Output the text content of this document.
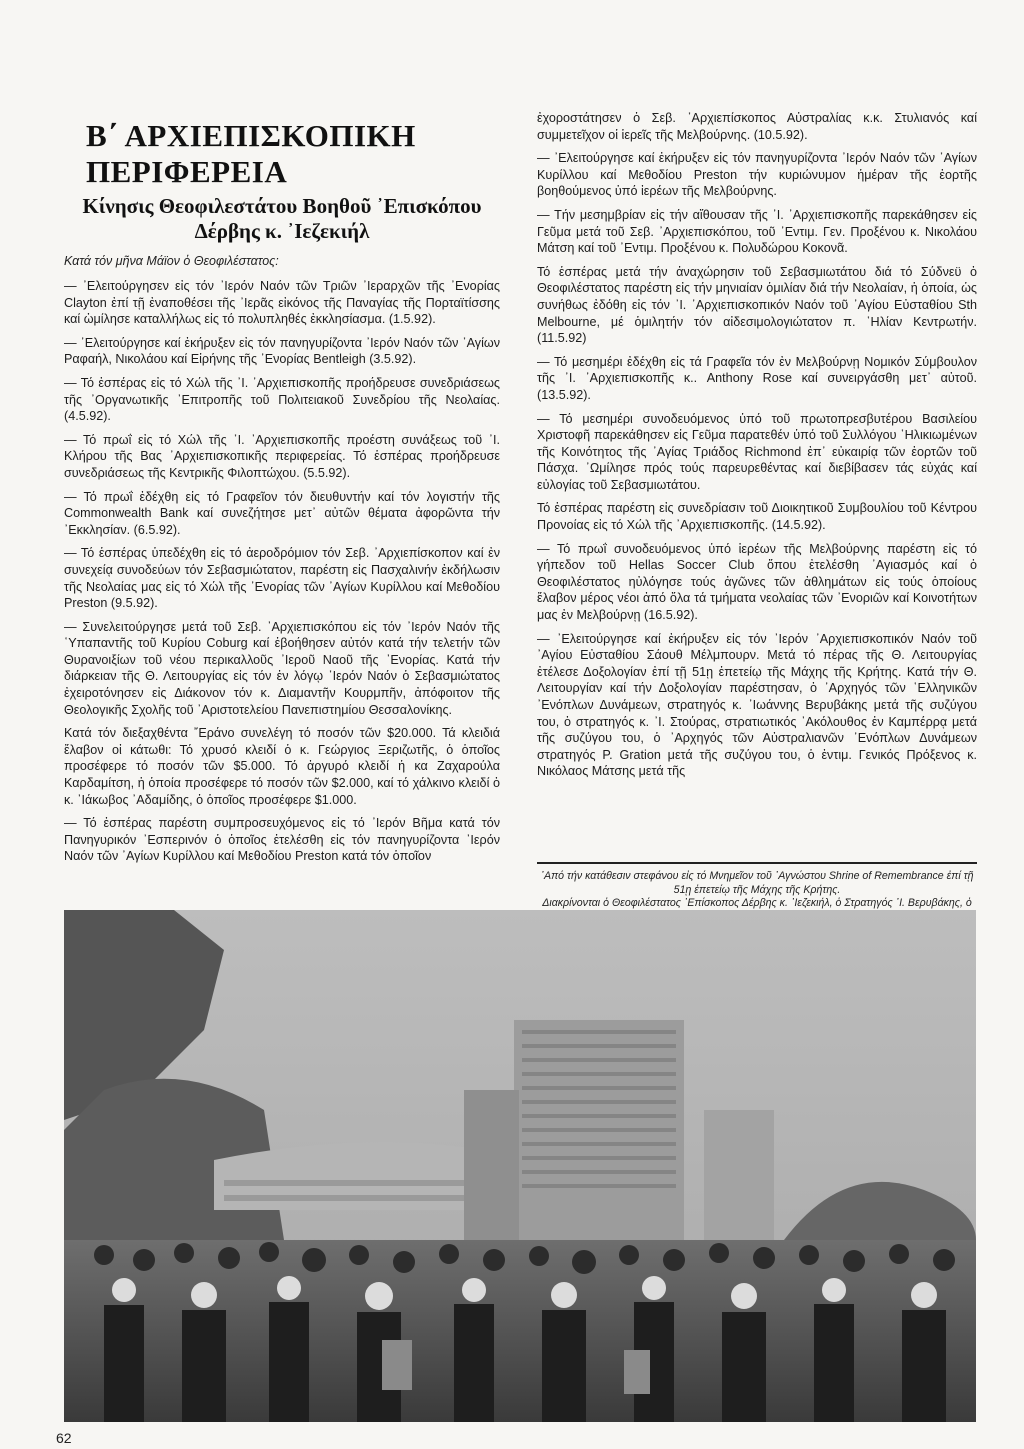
Β΄ ΑΡΧΙΕΠΙΣΚΟΠΙΚΗ ΠΕΡΙΦΕΡΕΙΑ
Κίνησις Θεοφιλεστάτου Βοηθοῦ ᾿Επισκόπου
Δέρβης κ. ᾿Ιεζεκιήλ
Κατά τόν μῆνα Μάϊον ὁ Θεοφιλέστατος:

— ᾿Ελειτούργησεν εἰς τόν ᾿Ιερόν Ναόν τῶν Τριῶν ᾿Ιεραρχῶν τῆς ᾿Ενορίας Clayton ἐπί τῇ ἐναποθέσει τῆς ᾿Ιερᾶς εἰκόνος τῆς Παναγίας τῆς Πορταϊτίσσης καί ὡμίλησε καταλλήλως εἰς τό πολυπληθές ἐκκλησίασμα. (1.5.92).

— ᾿Ελειτούργησε καί ἐκήρυξεν εἰς τόν πανηγυρίζοντα ᾿Ιερόν Ναόν τῶν ᾿Αγίων Ραφαήλ, Νικολάου καί Εἰρήνης τῆς ᾿Ενορίας Bentleigh (3.5.92).

— Τό ἑσπέρας εἰς τό Χώλ τῆς ᾿Ι. ᾿Αρχιεπισκοπῆς προήδρευσε συνεδριάσεως τῆς ᾿Οργανωτικῆς ᾿Επιτροπῆς τοῦ Πολιτειακοῦ Συνεδρίου τῆς Νεολαίας. (4.5.92).

— Τό πρωΐ εἰς τό Χώλ τῆς ᾿Ι. ᾿Αρχιεπισκοπῆς προέστη συνάξεως τοῦ ᾿Ι. Κλήρου τῆς Βας ᾿Αρχιεπισκοπικῆς περιφερείας. Τό ἑσπέρας προήδρευσε συνεδριάσεως τῆς Κεντρικῆς Φιλοπτώχου. (5.5.92).

— Τό πρωΐ ἐδέχθη εἰς τό Γραφεῖον τόν διευθυντήν καί τόν λογιστήν τῆς Commonwealth Bank καί συνεζήτησε μετ᾿ αὐτῶν θέματα ἀφορῶντα τήν ᾿Εκκλησίαν. (6.5.92).

— Τό ἑσπέρας ὑπεδέχθη εἰς τό ἀεροδρόμιον τόν Σεβ. ᾿Αρχιεπίσκοπον καί ἐν συνεχείᾳ συνοδεύων τόν Σεβασμιώτατον, παρέστη εἰς Πασχαλινήν ἐκδήλωσιν τῆς Νεολαίας μας εἰς τό Χώλ τῆς ᾿Ενορίας τῶν ᾿Αγίων Κυρίλλου καί Μεθοδίου Preston (9.5.92).

— Συνελειτούργησε μετά τοῦ Σεβ. ᾿Αρχιεπισκόπου εἰς τόν ᾿Ιερόν Ναόν τῆς ῾Υπαπαντῆς τοῦ Κυρίου Coburg καί ἐβοήθησεν αὐτόν κατά τήν τελετήν τῶν Θυρανοιξίων τοῦ νέου περικαλλοῦς ᾿Ιεροῦ Ναοῦ τῆς ᾿Ενορίας. Κατά τήν διάρκειαν τῆς Θ. Λειτουργίας εἰς τόν ἐν λόγῳ ᾿Ιερόν Ναόν ὁ Σεβασμιώτατος ἐχειροτόνησεν εἰς Διάκονον τόν κ. Διαμαντῆν Κουρμπῆν, ἀπόφοιτον τῆς Θεολογικῆς Σχολῆς τοῦ ᾿Αριστοτελείου Πανεπιστημίου Θεσσαλονίκης.

Κατά τόν διεξαχθέντα ῎Εράνο συνελέγη τό ποσόν τῶν $20.000. Τά κλειδιά ἔλαβον οἱ κάτωθι: Τό χρυσό κλειδί ὁ κ. Γεώργιος Ξεριζωτῆς, ὁ ὁποῖος προσέφερε τό ποσόν τῶν $5.000. Τό ἀργυρό κλειδί ἡ κα Ζαχαρούλα Καρδαμίτση, ἡ ὁποία προσέφερε τό ποσόν τῶν $2.000, καί τό χάλκινο κλειδί ὁ κ. ᾿Ιάκωβος ᾿Αδαμίδης, ὁ ὁποῖος προσέφερε $1.000.

— Τό ἑσπέρας παρέστη συμπροσευχόμενος εἰς τό ᾿Ιερόν Βῆμα κατά τόν Πανηγυρικόν ᾿Εσπερινόν ὁ ὁποῖος ἐτελέσθη εἰς τόν πανηγυρίζοντα ᾿Ιερόν Ναόν τῶν ᾿Αγίων Κυρίλλου καί Μεθοδίου Preston κατά τόν ὁποῖον

ἐχοροστάτησεν ὁ Σεβ. ᾿Αρχιεπίσκοπος Αὐστραλίας κ.κ. Στυλιανός καί συμμετεῖχον οἱ ἱερεῖς τῆς Μελβούρνης. (10.5.92).

— ᾿Ελειτούργησε καί ἐκήρυξεν εἰς τόν πανηγυρίζοντα ᾿Ιερόν Ναόν τῶν ᾿Αγίων Κυρίλλου καί Μεθοδίου Preston τήν κυριώνυμον ἡμέραν τῆς ἑορτῆς βοηθούμενος ὑπό ἱερέων τῆς Μελβούρνης.

— Τήν μεσημβρίαν εἰς τήν αἴθουσαν τῆς ᾿Ι. ᾿Αρχιεπισκοπῆς παρεκάθησεν εἰς Γεῦμα μετά τοῦ Σεβ. ᾿Αρχιεπισκόπου, τοῦ ᾿Εντιμ. Γεν. Προξένου κ. Νικολάου Μάτση καί τοῦ ᾿Εντιμ. Προξένου κ. Πολυδώρου Κοκονᾶ.

Τό ἑσπέρας μετά τήν ἀναχώρησιν τοῦ Σεβασμιωτάτου διά τό Σύδνεϋ ὁ Θεοφιλέστατος παρέστη εἰς τήν μηνιαίαν ὁμιλίαν διά τήν Νεολαίαν, ἡ ὁποία, ὡς συνήθως ἐδόθη εἰς τόν ᾿Ι. ᾿Αρχιεπισκοπικόν Ναόν τοῦ ᾿Αγίου Εὐσταθίου Sth Melbourne, μέ ὁμιλητήν τόν αἰδεσιμολογιώτατον π. ῾Ηλίαν Κεντρωτήν. (11.5.92)

— Τό μεσημέρι ἐδέχθη εἰς τά Γραφεῖα τόν ἐν Μελβούρνῃ Νομικόν Σύμβουλον τῆς ᾿Ι. ᾿Αρχιεπισκοπῆς κ.. Anthony Rose καί συνειργάσθη μετ᾿ αὐτοῦ. (13.5.92).

— Τό μεσημέρι συνοδευόμενος ὑπό τοῦ πρωτοπρεσβυτέρου Βασιλείου Χριστοφῆ παρεκάθησεν εἰς Γεῦμα παρατεθέν ὑπό τοῦ Συλλόγου ῾Ηλικιωμένων τῆς Κοινότητος τῆς ᾿Αγίας Τριάδος Richmond ἐπ᾿ εὐκαιρίᾳ τῶν ἑορτῶν τοῦ Πάσχα. ᾿Ωμίλησε πρός τούς παρευρεθέντας καί διεβίβασεν τάς εὐχάς καί εὐλογίας τοῦ Σεβασμιωτάτου.

Τό ἑσπέρας παρέστη εἰς συνεδρίασιν τοῦ Διοικητικοῦ Συμβουλίου τοῦ Κέντρου Προνοίας εἰς τό Χώλ τῆς ᾿Αρχιεπισκοπῆς. (14.5.92).

— Τό πρωΐ συνοδευόμενος ὑπό ἱερέων τῆς Μελβούρνης παρέστη εἰς τό γήπεδον τοῦ Hellas Soccer Club ὅπου ἐτελέσθη ᾿Αγιασμός καί ὁ Θεοφιλέστατος ηὐλόγησε τούς ἀγῶνες τῶν ἀθλημάτων εἰς τούς ὁποίους ἔλαβον μέρος νέοι ἀπό ὅλα τά τμήματα νεολαίας τῶν ᾿Ενοριῶν καί Κοινοτήτων μας ἐν Μελβούρνῃ (16.5.92).

— ᾿Ελειτούργησε καί ἐκήρυξεν εἰς τόν ᾿Ιερόν ᾿Αρχιεπισκοπικόν Ναόν τοῦ ᾿Αγίου Εὐσταθίου Σάουθ Μέλμπουρν. Μετά τό πέρας τῆς Θ. Λειτουργίας ἐτέλεσε Δοξολογίαν ἐπί τῇ 51ῃ ἐπετείῳ τῆς Μάχης τῆς Κρήτης. Κατά τήν Θ. Λειτουργίαν καί τήν Δοξολογίαν παρέστησαν, ὁ ᾿Αρχηγός τῶν ῾Ελληνικῶν ᾿Ενόπλων Δυνάμεων, στρατηγός κ. ᾿Ιωάννης Βερυβάκης μετά τῆς συζύγου του, ὁ στρατηγός κ. ᾿Ι. Στούρας, στρατιωτικός ᾿Ακόλουθος ἐν Καμπέρρᾳ μετά τῆς συζύγου του, ὁ ᾿Αρχηγός τῶν Αὐστραλιανῶν ᾿Ενόπλων Δυνάμεων στρατηγός P. Gration μετά τῆς συζύγου του, ὁ ἐντιμ. Γενικός Πρόξενος κ. Νικόλαος Μάτσης μετά τῆς

᾿Από τήν κατάθεσιν στεφάνου εἰς τό Μνημεῖον τοῦ ᾿Αγνώστου Shrine of Remembrance ἐπί τῇ 51ῃ ἐπετείῳ τῆς Μάχης τῆς Κρήτης.
Διακρίνονται ὁ Θεοφιλέστατος ᾿Επίσκοπος Δέρβης κ. ᾿Ιεζεκιήλ, ὁ Στρατηγός ᾿Ι. Βερυβάκης, ὁ
62
